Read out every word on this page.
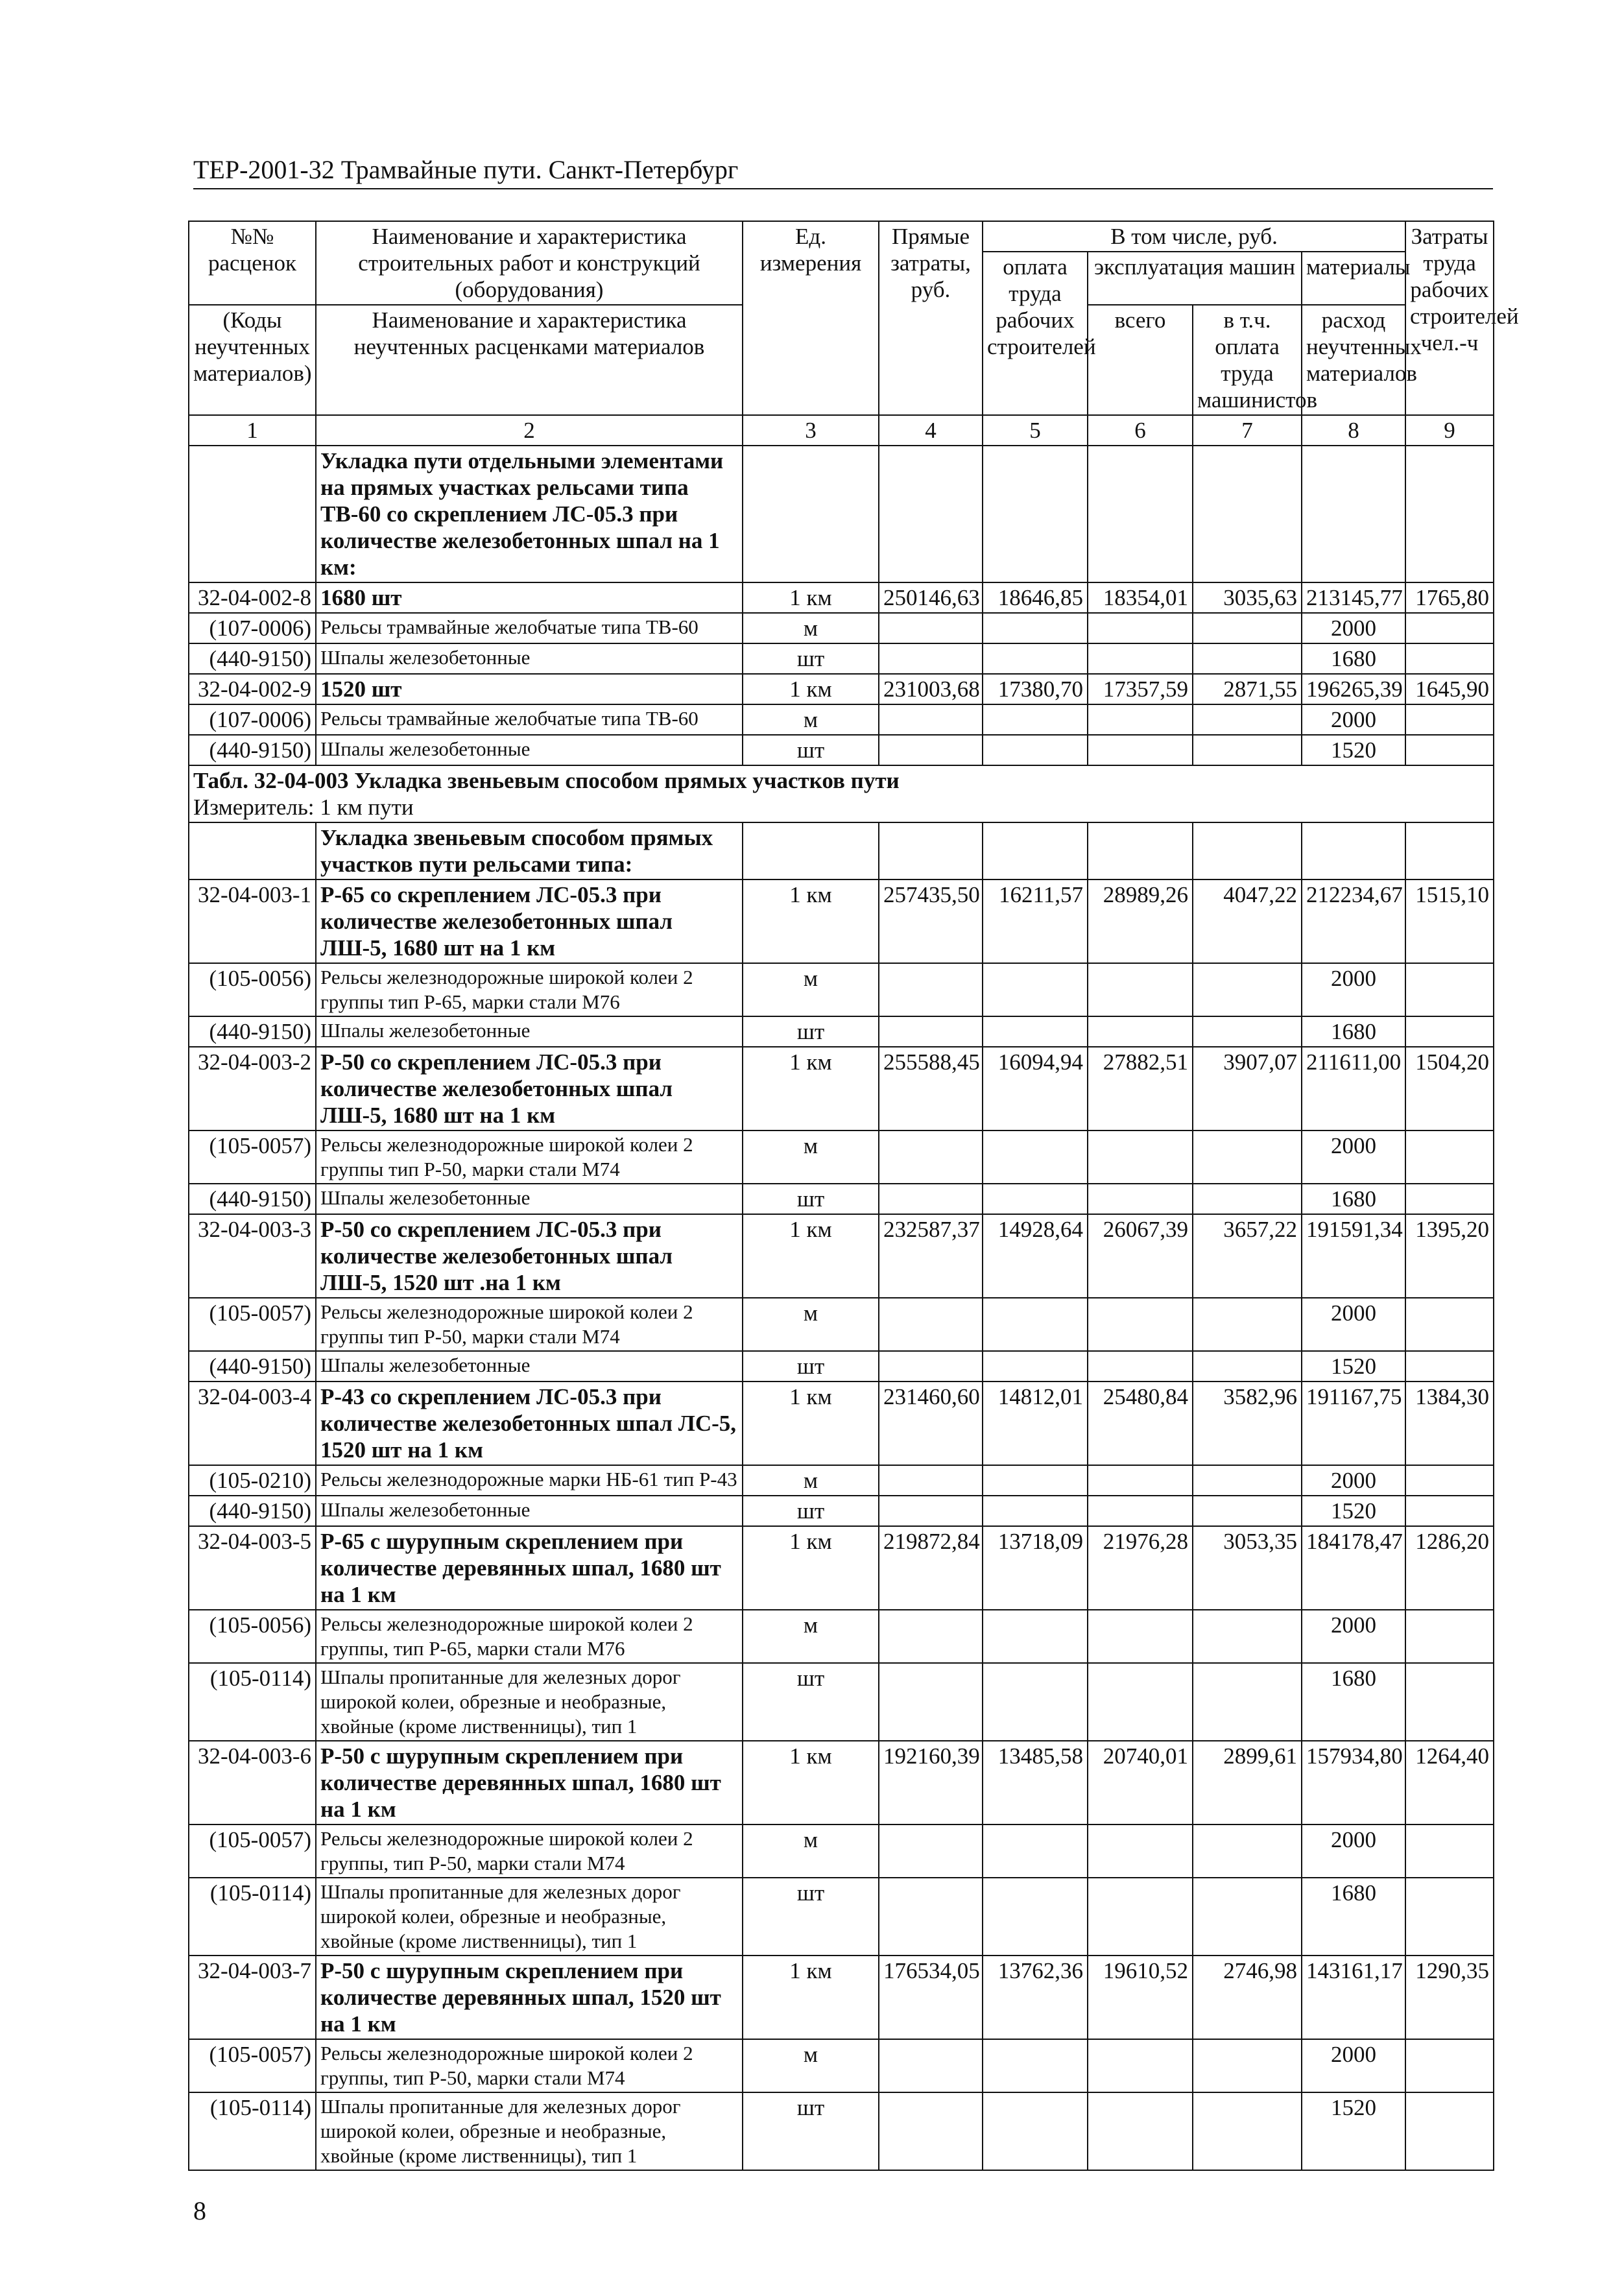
ТЕР-2001-32 Трамвайные пути. Санкт-Петербург
№№ расценок	Наименование и характеристика строительных работ и конструкций (оборудования)	Ед. измерения	Прямые затраты, руб.	В том числе, руб.				Затраты труда рабочих строителей чел.-ч
				оплата труда рабочих строителей	эксплуатация машин		материалы	
(Коды неучтенных материалов)	Наименование и характеристика неучтенных расценками материалов				всего	в т.ч. оплата труда машинистов	расход неучтенных материалов	

1	2	3	4	5	6	7	8	9
	Укладка пути отдельными элементами на прямых участках рельсами типа ТВ-60 со скреплением ЛС-05.3 при количестве железобетонных шпал на 1 км:							
32-04-002-8	1680 шт	1 км	250146,63	18646,85	18354,01	3035,63	213145,77	1765,80
(107-0006)	Рельсы трамвайные желобчатые типа ТВ-60	м					2000	
(440-9150)	Шпалы железобетонные	шт					1680	
32-04-002-9	1520 шт	1 км	231003,68	17380,70	17357,59	2871,55	196265,39	1645,90
(107-0006)	Рельсы трамвайные желобчатые типа ТВ-60	м					2000	
(440-9150)	Шпалы железобетонные	шт					1520	

Табл. 32-04-003 Укладка звеньевым способом прямых участков пути
Измеритель: 1 км пути								

	Укладка звеньевым способом прямых участков пути рельсами типа:							
32-04-003-1	Р-65 со скреплением ЛС-05.3 при количестве железобетонных шпал ЛШ-5, 1680 шт на 1 км	1 км	257435,50	16211,57	28989,26	4047,22	212234,67	1515,10
(105-0056)	Рельсы железнодорожные широкой колеи 2 группы тип Р-65, марки стали М76	м					2000	
(440-9150)	Шпалы железобетонные	шт					1680	
32-04-003-2	Р-50 со скреплением ЛС-05.3 при количестве железобетонных шпал ЛШ-5, 1680 шт на 1 км	1 км	255588,45	16094,94	27882,51	3907,07	211611,00	1504,20
(105-0057)	Рельсы железнодорожные широкой колеи 2 группы тип Р-50, марки стали М74	м					2000	
(440-9150)	Шпалы железобетонные	шт					1680	
32-04-003-3	Р-50 со скреплением ЛС-05.3 при количестве железобетонных шпал ЛШ-5, 1520 шт .на 1 км	1 км	232587,37	14928,64	26067,39	3657,22	191591,34	1395,20
(105-0057)	Рельсы железнодорожные широкой колеи 2 группы тип Р-50, марки стали М74	м					2000	
(440-9150)	Шпалы железобетонные	шт					1520	
32-04-003-4	Р-43 со скреплением ЛС-05.3 при количестве железобетонных шпал ЛС-5, 1520 шт на 1 км	1 км	231460,60	14812,01	25480,84	3582,96	191167,75	1384,30
(105-0210)	Рельсы железнодорожные марки НБ-61 тип Р-43	м					2000	
(440-9150)	Шпалы железобетонные	шт					1520	
32-04-003-5	Р-65 с шурупным скреплением при количестве деревянных шпал, 1680 шт на 1 км	1 км	219872,84	13718,09	21976,28	3053,35	184178,47	1286,20
(105-0056)	Рельсы железнодорожные широкой колеи 2 группы, тип Р-65, марки стали М76	м					2000	
(105-0114)	Шпалы пропитанные для железных дорог широкой колеи, обрезные и необразные, хвойные (кроме лиственницы), тип 1	шт					1680	
32-04-003-6	Р-50 с шурупным скреплением при количестве деревянных шпал, 1680 шт на 1 км	1 км	192160,39	13485,58	20740,01	2899,61	157934,80	1264,40
(105-0057)	Рельсы железнодорожные широкой колеи 2 группы, тип Р-50, марки стали М74	м					2000	
(105-0114)	Шпалы пропитанные для железных дорог широкой колеи, обрезные и необразные, хвойные (кроме лиственницы), тип 1	шт					1680	
32-04-003-7	Р-50 с шурупным скреплением при количестве деревянных шпал, 1520 шт на 1 км	1 км	176534,05	13762,36	19610,52	2746,98	143161,17	1290,35
(105-0057)	Рельсы железнодорожные широкой колеи 2 группы, тип Р-50, марки стали М74	м					2000	
(105-0114)	Шпалы пропитанные для железных дорог широкой колеи, обрезные и необразные, хвойные (кроме лиственницы), тип 1	шт					1520	
8
